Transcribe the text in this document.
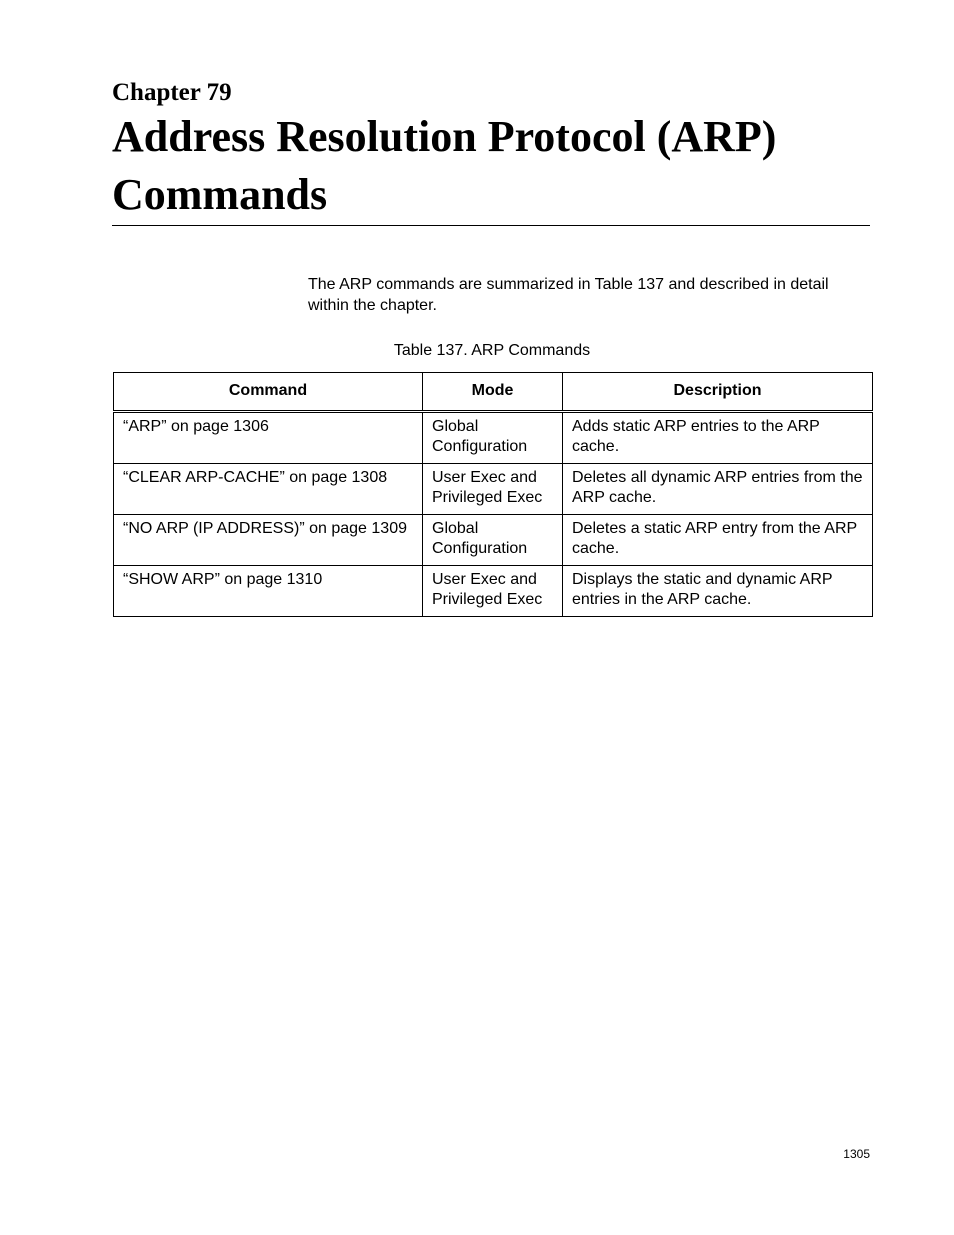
Chapter 79
Address Resolution Protocol (ARP) Commands

The ARP commands are summarized in Table 137 and described in detail within the chapter.

Table 137. ARP Commands
Command	Mode	Description
“ARP” on page 1306	Global Configuration	Adds static ARP entries to the ARP cache.
“CLEAR ARP-CACHE” on page 1308	User Exec and Privileged Exec	Deletes all dynamic ARP entries from the ARP cache.
“NO ARP (IP ADDRESS)” on page 1309	Global Configuration	Deletes a static ARP entry from the ARP cache.
“SHOW ARP” on page 1310	User Exec and Privileged Exec	Displays the static and dynamic ARP entries in the ARP cache.
1305
